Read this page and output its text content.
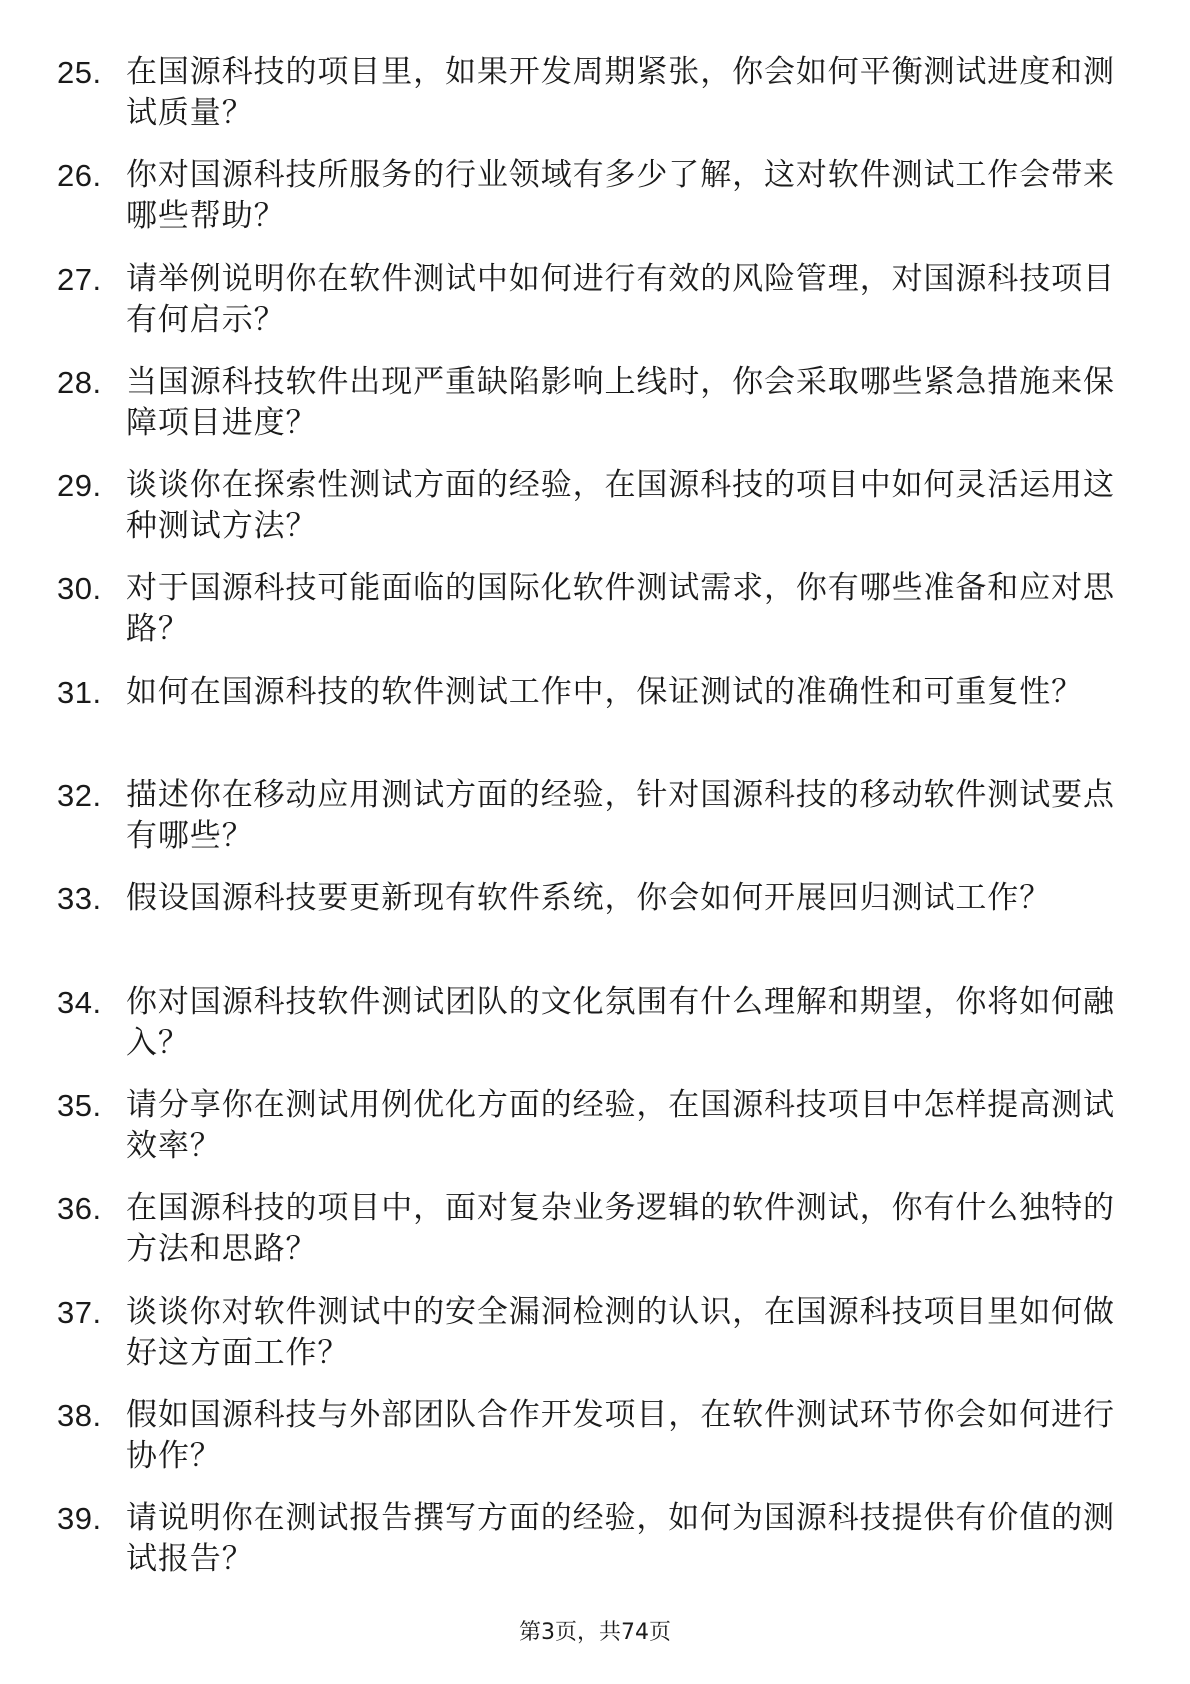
25. 在国源科技的项目里，如果开发周期紧张，你会如何平衡测试进度和测试质量？
26. 你对国源科技所服务的行业领域有多少了解，这对软件测试工作会带来哪些帮助？
27. 请举例说明你在软件测试中如何进行有效的风险管理，对国源科技项目有何启示？
28. 当国源科技软件出现严重缺陷影响上线时，你会采取哪些紧急措施来保障项目进度？
29. 谈谈你在探索性测试方面的经验，在国源科技的项目中如何灵活运用这种测试方法？
30. 对于国源科技可能面临的国际化软件测试需求，你有哪些准备和应对思路？
31. 如何在国源科技的软件测试工作中，保证测试的准确性和可重复性？
32. 描述你在移动应用测试方面的经验，针对国源科技的移动软件测试要点有哪些？
33. 假设国源科技要更新现有软件系统，你会如何开展回归测试工作？
34. 你对国源科技软件测试团队的文化氛围有什么理解和期望，你将如何融入？
35. 请分享你在测试用例优化方面的经验，在国源科技项目中怎样提高测试效率？
36. 在国源科技的项目中，面对复杂业务逻辑的软件测试，你有什么独特的方法和思路？
37. 谈谈你对软件测试中的安全漏洞检测的认识，在国源科技项目里如何做好这方面工作？
38. 假如国源科技与外部团队合作开发项目，在软件测试环节你会如何进行协作？
39. 请说明你在测试报告撰写方面的经验，如何为国源科技提供有价值的测试报告？
第3页，共74页
